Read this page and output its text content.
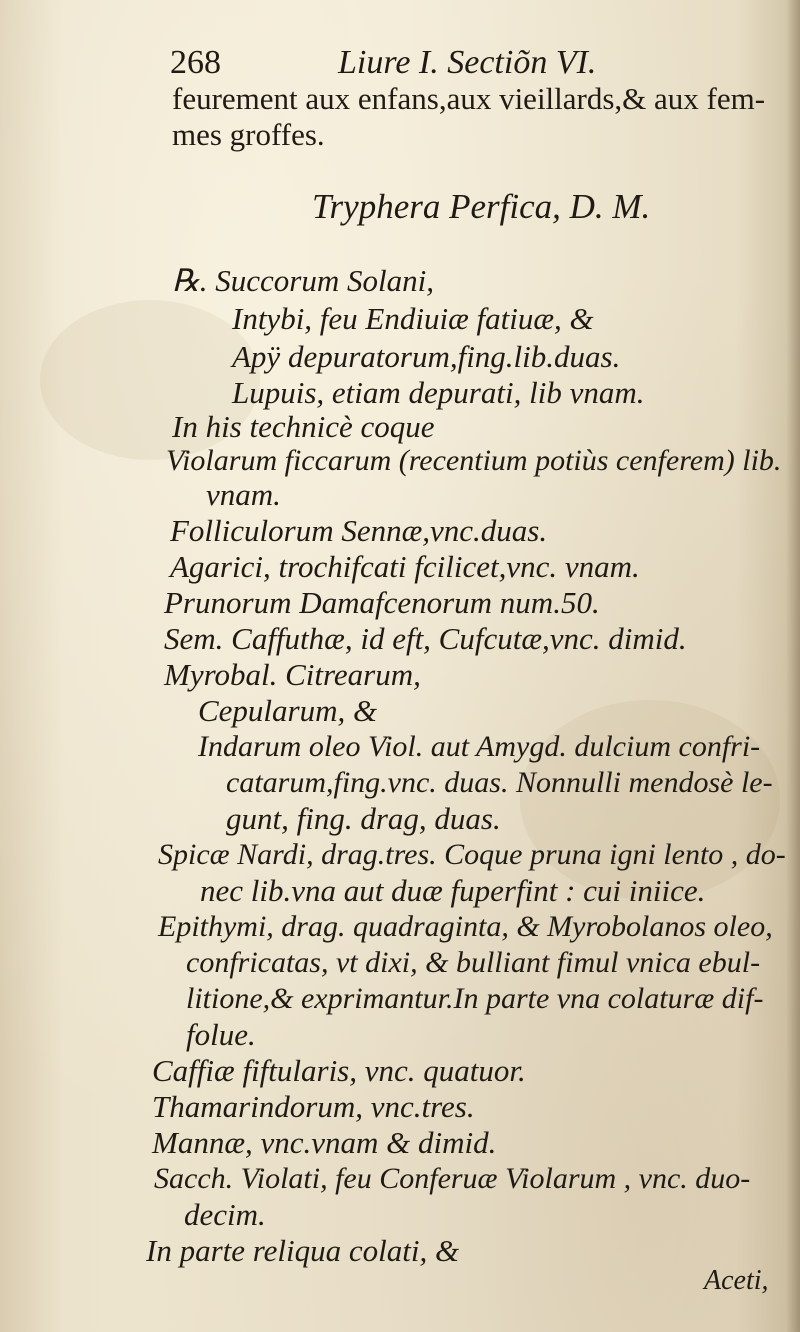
268	Liure I. Sectiõn VI.
feurement aux enfans,aux vieillards,& aux fem-
mes groffes.
Tryphera Perfica, D. M.
℞. Succorum Solani,
Intybi, feu Endiuiæ fatiuæ, &
Apÿ depuratorum,fing.lib.duas.
Lupuis, etiam depurati, lib vnam.
In his technicè coque
Violarum ficcarum (recentium potiùs cenferem) lib.
vnam.
Folliculorum Sennæ,vnc.duas.
Agarici, trochifcati fcilicet,vnc. vnam.
Prunorum Damafcenorum num.50.
Sem. Caffuthæ, id eft, Cufcutæ,vnc. dimid.
Myrobal. Citrearum,
Cepularum, &
Indarum oleo Viol. aut Amygd. dulcium confri-
catarum,fing.vnc. duas. Nonnulli mendosè le-
gunt, fing. drag, duas.
Spicæ Nardi, drag.tres. Coque pruna igni lento , do-
nec lib.vna aut duæ fuperfint : cui iniice.
Epithymi, drag. quadraginta, & Myrobolanos oleo,
confricatas, vt dixi, & bulliant fimul vnica ebul-
litione,& exprimantur.In parte vna colaturæ dif-
folue.
Caffiæ fiftularis, vnc. quatuor.
Thamarindorum, vnc.tres.
Mannæ, vnc.vnam & dimid.
Sacch. Violati, feu Conferuæ Violarum , vnc. duo-
decim.
In parte reliqua colati, &
Aceti,
